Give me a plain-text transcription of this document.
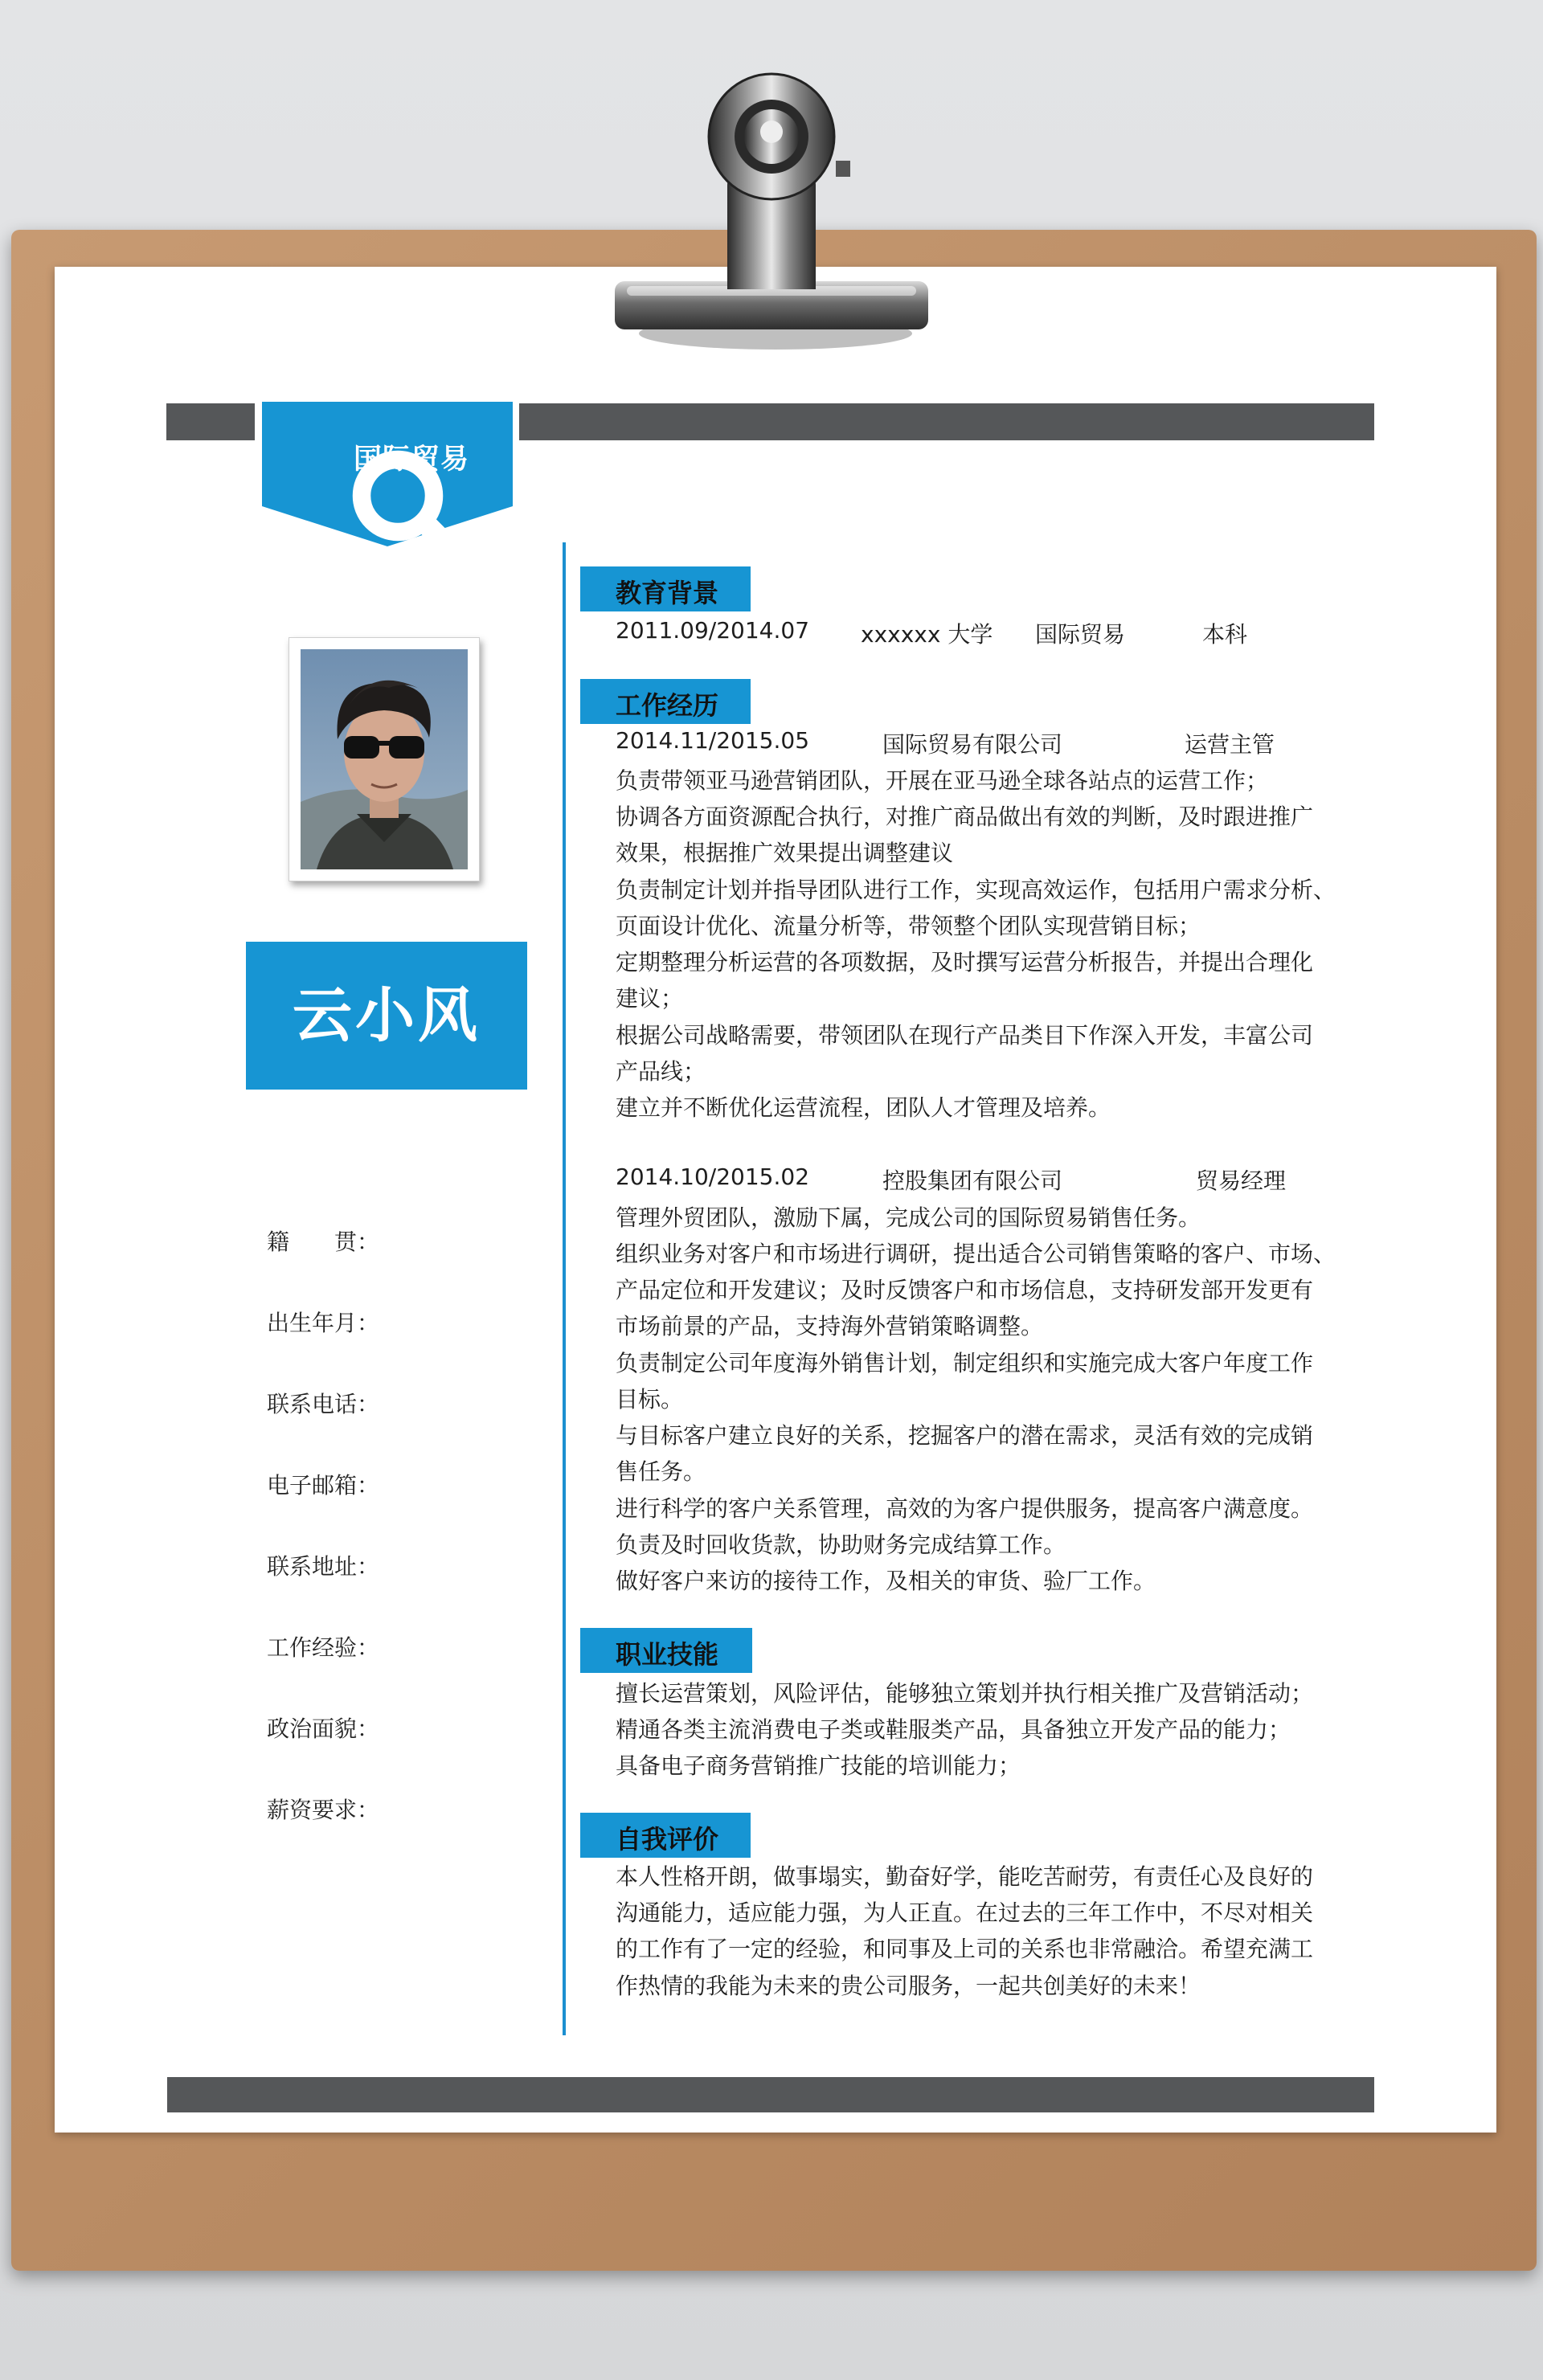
国际贸易
云小风
籍　　贯：
出生年月：
联系电话：
电子邮箱：
联系地址：
工作经验：
政治面貌：
薪资要求：
教育背景
2011.09/2014.07 xxxxxx 大学 国际贸易	本科
工作经历
2014.11/2015.05	国际贸易有限公司	运营主管
负责带领亚马逊营销团队，开展在亚马逊全球各站点的运营工作；
协调各方面资源配合执行，对推广商品做出有效的判断，及时跟进推广
效果，根据推广效果提出调整建议
负责制定计划并指导团队进行工作，实现高效运作，包括用户需求分析、
页面设计优化、流量分析等，带领整个团队实现营销目标；
定期整理分析运营的各项数据，及时撰写运营分析报告，并提出合理化
建议；
根据公司战略需要，带领团队在现行产品类目下作深入开发，丰富公司
产品线；
建立并不断优化运营流程，团队人才管理及培养。
2014.10/2015.02	控股集团有限公司	贸易经理
管理外贸团队，激励下属，完成公司的国际贸易销售任务。
组织业务对客户和市场进行调研，提出适合公司销售策略的客户、市场、
产品定位和开发建议；及时反馈客户和市场信息，支持研发部开发更有
市场前景的产品，支持海外营销策略调整。
负责制定公司年度海外销售计划，制定组织和实施完成大客户年度工作
目标。
与目标客户建立良好的关系，挖掘客户的潜在需求，灵活有效的完成销
售任务。
进行科学的客户关系管理，高效的为客户提供服务，提高客户满意度。
负责及时回收货款，协助财务完成结算工作。
做好客户来访的接待工作，及相关的审货、验厂工作。
职业技能
擅长运营策划，风险评估，能够独立策划并执行相关推广及营销活动；
精通各类主流消费电子类或鞋服类产品，具备独立开发产品的能力；
具备电子商务营销推广技能的培训能力；
自我评价
本人性格开朗，做事塌实，勤奋好学，能吃苦耐劳，有责任心及良好的
沟通能力，适应能力强，为人正直。在过去的三年工作中，不尽对相关
的工作有了一定的经验，和同事及上司的关系也非常融洽。希望充满工
作热情的我能为未来的贵公司服务，一起共创美好的未来！
